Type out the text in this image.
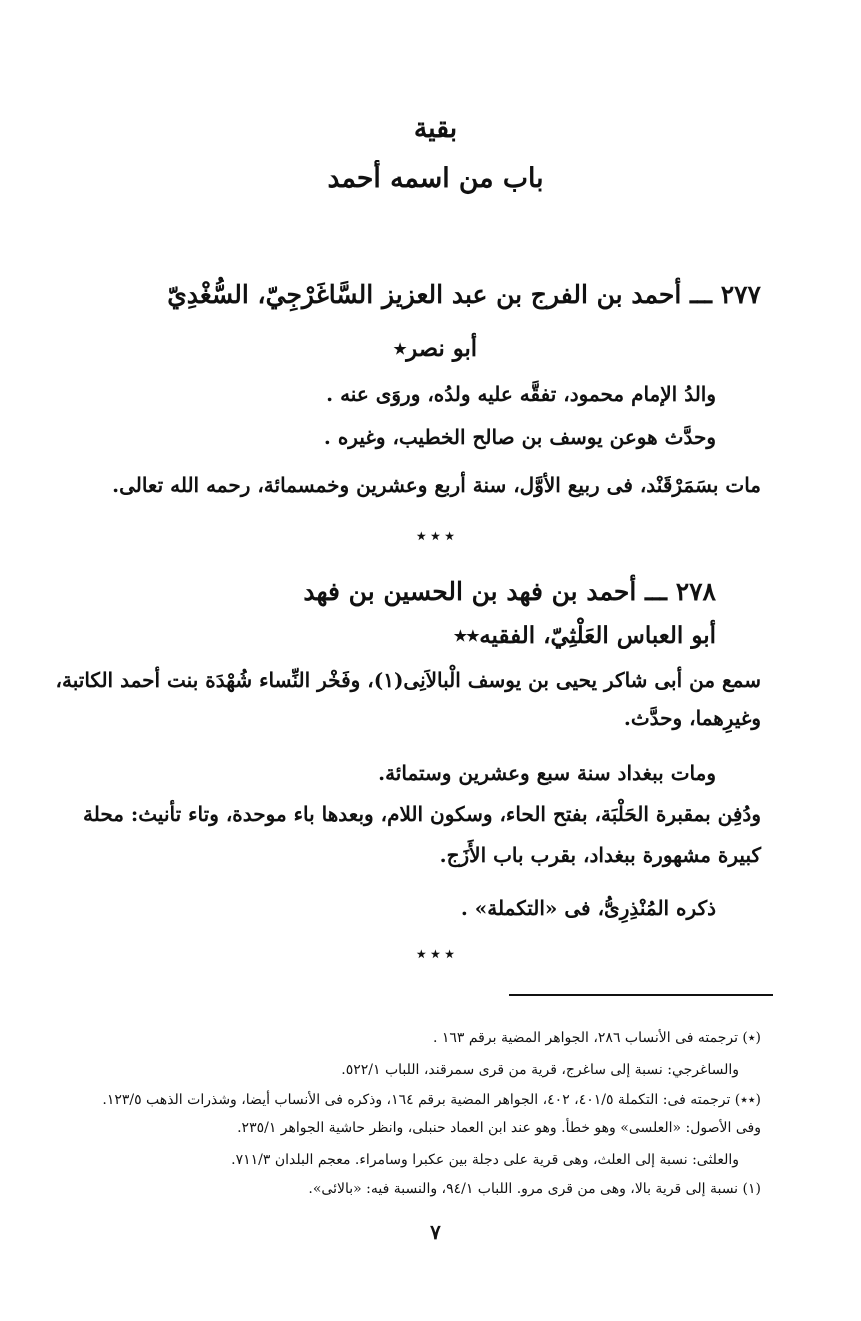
بقية

باب من اسمه أحمد

٢٧٧ ـــ أحمد بن الفرج بن عبد العزيز السَّاغَرْجِيّ، السُّغْدِيّ

أبو نصر٭

والدُ الإمام محمود، تفقَّه عليه ولدُه، وروَى عنه .

وحدَّث هوعن يوسف بن صالح الخطيب، وغيره .

مات بسَمَرْقَنْد، فى ربيع الأوَّل، سنة أربع وعشرين وخمسمائة، رحمه الله تعالى.

٭ ٭ ٭

٢٧٨ ـــ أحمد بن فهد بن الحسين بن فهد

أبو العباس العَلْثِيّ، الفقيه٭٭

سمع من أبى شاكر يحيى بن يوسف الْبالاَنِى(١)، وفَخْر النِّساء شُهْدَة بنت أحمد الكاتبة،

وغيرِهما، وحدَّث.

ومات ببغداد سنة سبع وعشرين وستمائة.

ودُفِن بمقبرة الحَلْبَة، بفتح الحاء، وسكون اللام، وبعدها باء موحدة، وتاء تأنيث: محلة

كبيرة مشهورة ببغداد، بقرب باب الأَزَج.

ذكره المُنْذِرِىُّ، فى «التكملة» .

٭ ٭ ٭

(٭) ترجمته فى الأنساب ٢٨٦، الجواهر المضية برقم ١٦٣ .

والساغرجي: نسبة إلى ساغرج، قرية من قرى سمرقند، اللباب ٥٢٢/١.

(٭٭) ترجمته فى: التكملة ٤٠١/٥، ٤٠٢، الجواهر المضية برقم ١٦٤، وذكره فى الأنساب أيضا، وشذرات الذهب ١٢٣/٥.

وفى الأصول: «العلسى» وهو خطأ. وهو عند ابن العماد حنبلى، وانظر حاشية الجواهر ٢٣٥/١.

والعلثى: نسبة إلى العلث، وهى قرية على دجلة بين عكبرا وسامراء. معجم البلدان ٧١١/٣.

(١) نسبة إلى قرية بالا، وهى من قرى مرو. اللباب ٩٤/١، والنسبة فيه: «بالائى».

٧
